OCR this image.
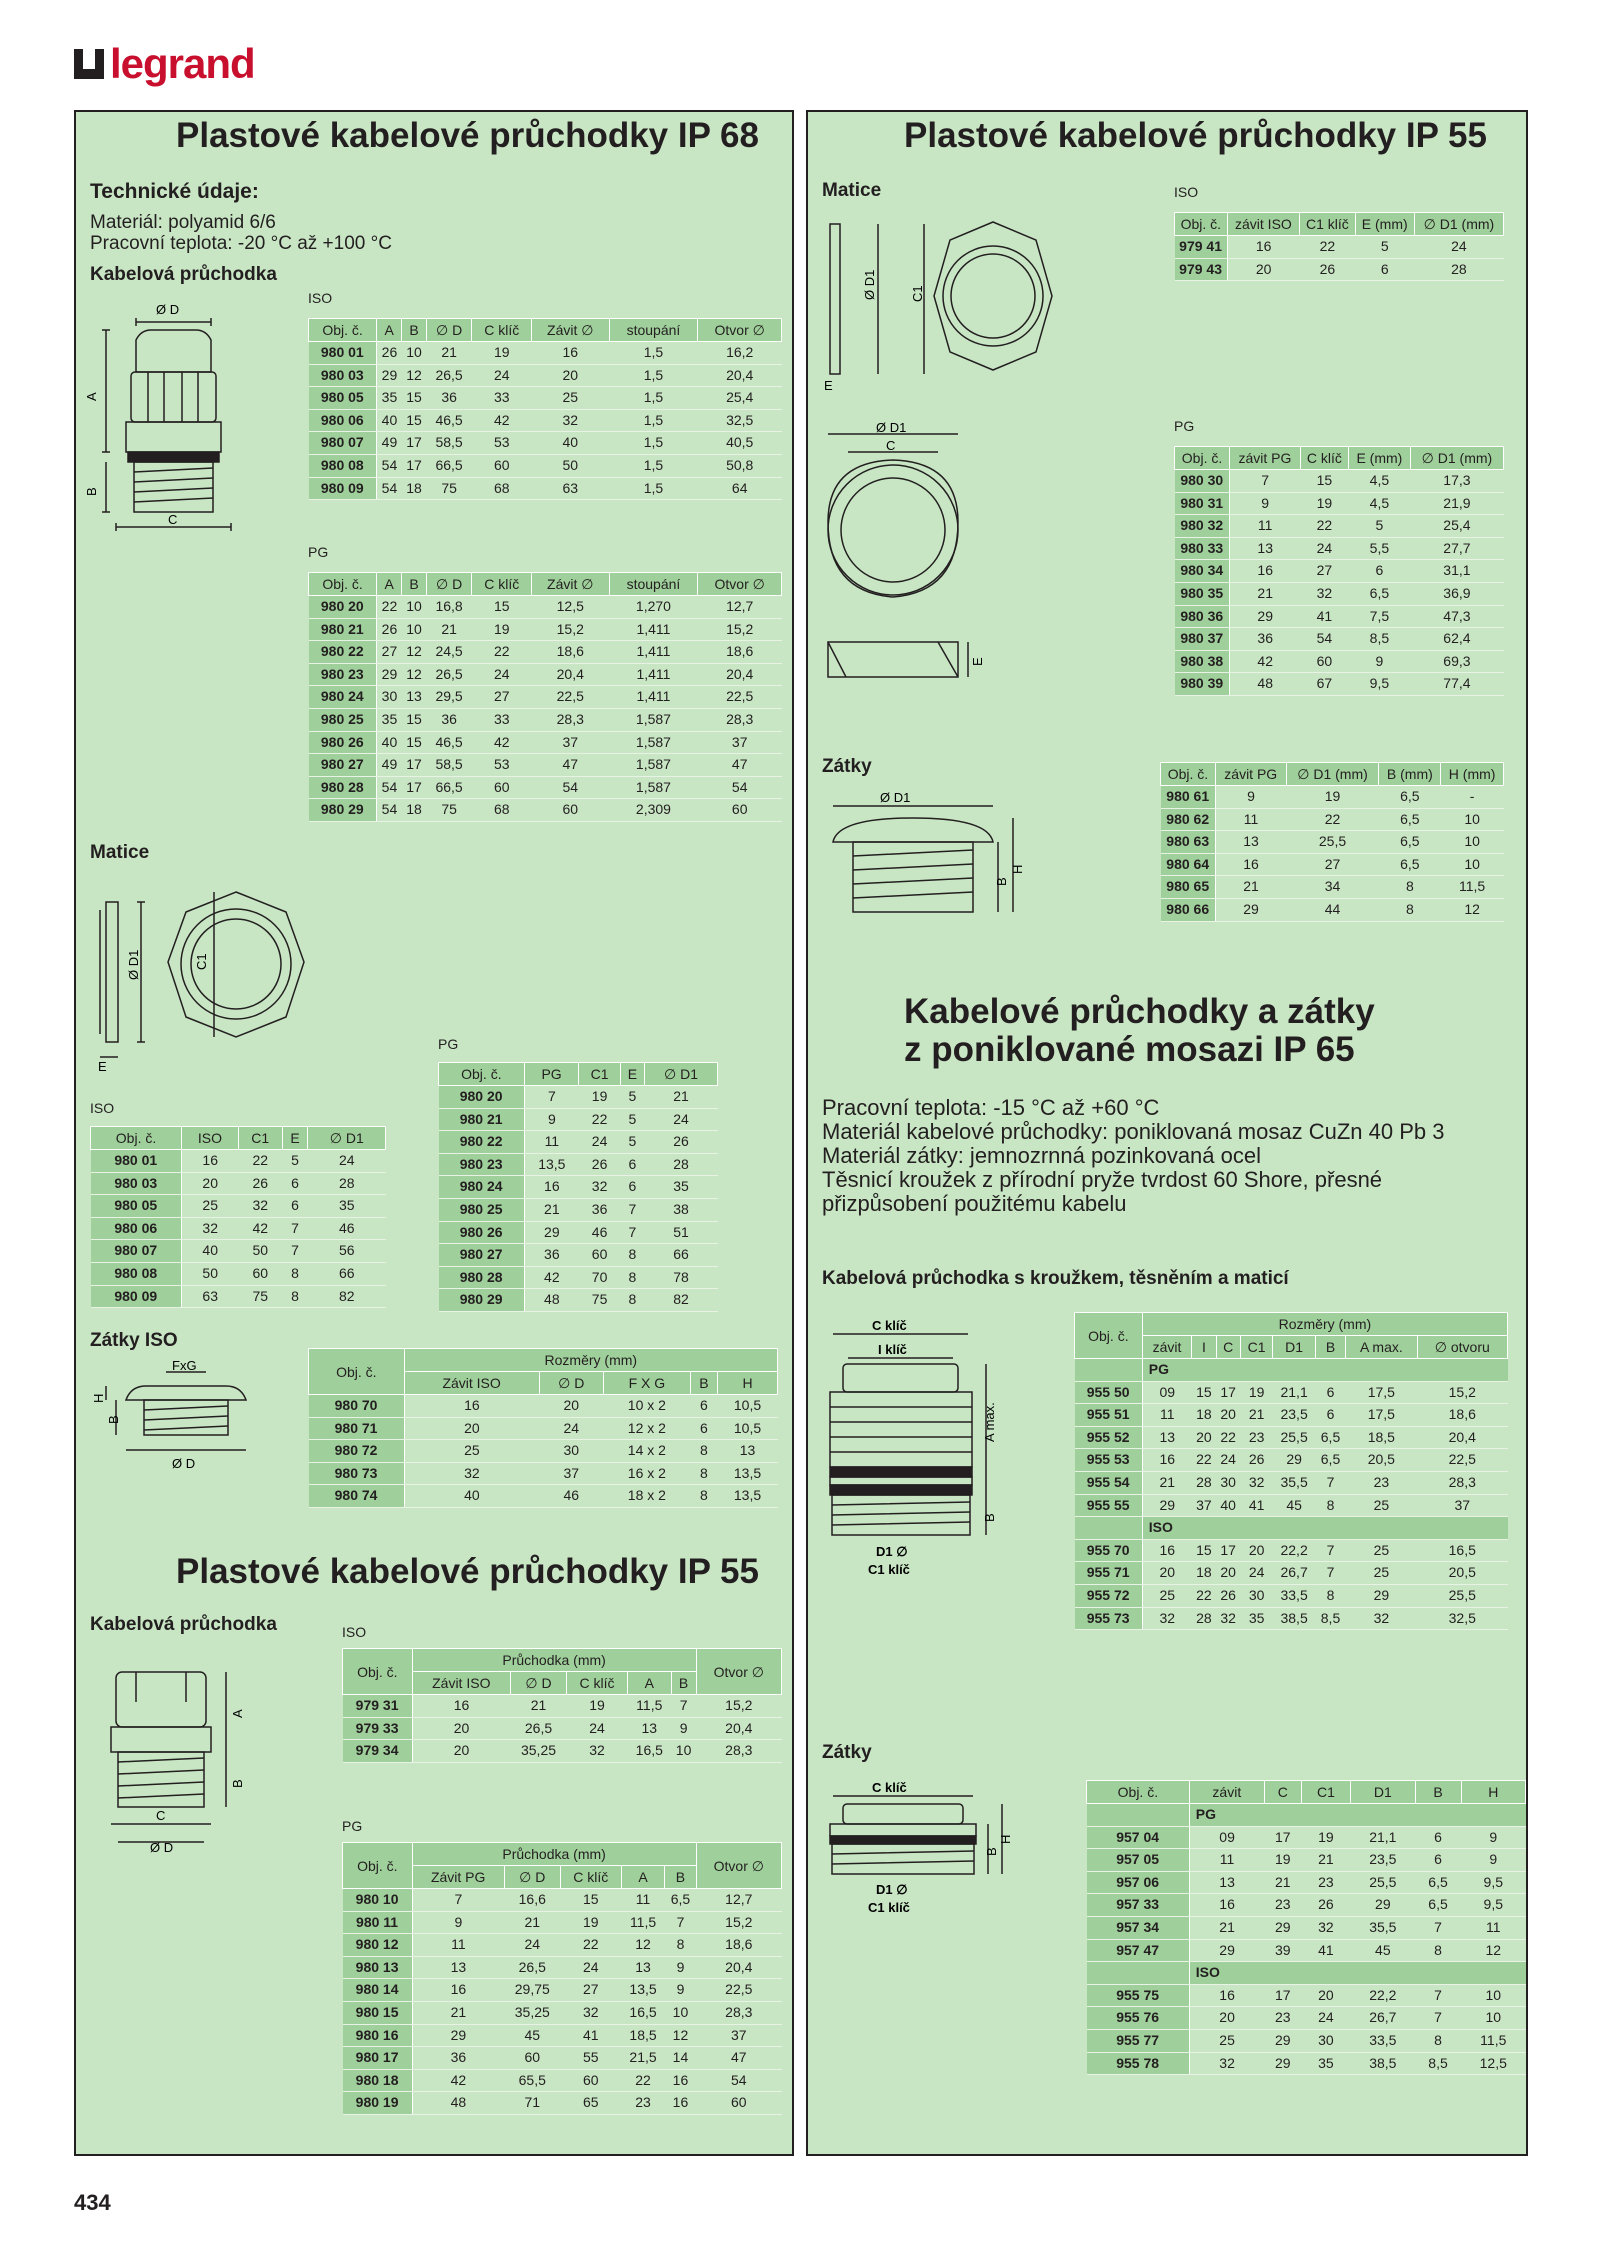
legrand
Plastové kabelové průchodky IP 68
Technické údaje:
Materiál: polyamid 6/6
Pracovní teplota: -20 °C až +100 °C
Kabelová průchodka
Ø D
A
B
C
ISO
Obj. č.	A	B	∅ D	C klíč	Závit ∅	stoupání	Otvor ∅
980 01	26	10	21	19	16	1,5	16,2
980 03	29	12	26,5	24	20	1,5	20,4
980 05	35	15	36	33	25	1,5	25,4
980 06	40	15	46,5	42	32	1,5	32,5
980 07	49	17	58,5	53	40	1,5	40,5
980 08	54	17	66,5	60	50	1,5	50,8
980 09	54	18	75	68	63	1,5	64
PG
Obj. č.	A	B	∅ D	C klíč	Závit ∅	stoupání	Otvor ∅
980 20	22	10	16,8	15	12,5	1,270	12,7
980 21	26	10	21	19	15,2	1,411	15,2
980 22	27	12	24,5	22	18,6	1,411	18,6
980 23	29	12	26,5	24	20,4	1,411	20,4
980 24	30	13	29,5	27	22,5	1,411	22,5
980 25	35	15	36	33	28,3	1,587	28,3
980 26	40	15	46,5	42	37	1,587	37
980 27	49	17	58,5	53	47	1,587	47
980 28	54	17	66,5	60	54	1,587	54
980 29	54	18	75	68	60	2,309	60
Matice
Ø D1	C1
E
PG
Obj. č.	PG	C1	E	∅ D1
980 20	7	19	5	21
980 21	9	22	5	24
980 22	11	24	5	26
980 23	13,5	26	6	28
980 24	16	32	6	35
980 25	21	36	7	38
980 26	29	46	7	51
980 27	36	60	8	66
980 28	42	70	8	78
980 29	48	75	8	82
ISO
Obj. č.	ISO	C1	E	∅ D1
980 01	16	22	5	24
980 03	20	26	6	28
980 05	25	32	6	35
980 06	32	42	7	46
980 07	40	50	7	56
980 08	50	60	8	66
980 09	63	75	8	82
Zátky ISO
FxG
H
B
Ø D
Obj. č.	Rozměry (mm)				
	Závit ISO	∅ D	F X G	B	H
980 70	16	20	10 x 2	6	10,5
980 71	20	24	12 x 2	6	10,5
980 72	25	30	14 x 2	8	13
980 73	32	37	16 x 2	8	13,5
980 74	40	46	18 x 2	8	13,5
Plastové kabelové průchodky IP 55
Kabelová průchodka
A
B
C
Ø D
ISO
Obj. č.	Průchodka (mm)					Otvor ∅
	Závit ISO	∅ D	C klíč	A	B	
979 31	16	21	19	11,5	7	15,2
979 33	20	26,5	24	13	9	20,4
979 34	20	35,25	32	16,5	10	28,3
PG
Obj. č.	Průchodka (mm)					Otvor ∅
	Závit PG	∅ D	C klíč	A	B	
980 10	7	16,6	15	11	6,5	12,7
980 11	9	21	19	11,5	7	15,2
980 12	11	24	22	12	8	18,6
980 13	13	26,5	24	13	9	20,4
980 14	16	29,75	27	13,5	9	22,5
980 15	21	35,25	32	16,5	10	28,3
980 16	29	45	41	18,5	12	37
980 17	36	60	55	21,5	14	47
980 18	42	65,5	60	22	16	54
980 19	48	71	65	23	16	60
Plastové kabelové průchodky IP 55
Matice
Ø D1	C1
E
ISO
Obj. č.	závit ISO	C1 klíč	E (mm)	∅ D1 (mm)
979 41	16	22	5	24
979 43	20	26	6	28
Ø D1
C
E
PG
Obj. č.	závit PG	C klíč	E (mm)	∅ D1 (mm)
980 30	7	15	4,5	17,3
980 31	9	19	4,5	21,9
980 32	11	22	5	25,4
980 33	13	24	5,5	27,7
980 34	16	27	6	31,1
980 35	21	32	6,5	36,9
980 36	29	41	7,5	47,3
980 37	36	54	8,5	62,4
980 38	42	60	9	69,3
980 39	48	67	9,5	77,4
Zátky
Ø D1
B
H
Obj. č.	závit PG	∅ D1 (mm)	B (mm)	H (mm)
980 61	9	19	6,5	-
980 62	11	22	6,5	10
980 63	13	25,5	6,5	10
980 64	16	27	6,5	10
980 65	21	34	8	11,5
980 66	29	44	8	12
Kabelové průchodky a zátky
z poniklované mosazi IP 65
Pracovní teplota: -15 °C až +60 °C
Materiál kabelové průchodky: poniklovaná mosaz CuZn 40 Pb 3
Materiál zátky: jemnozrnná pozinkovaná ocel
Těsnicí kroužek z přírodní pryže tvrdost 60 Shore, přesné
přizpůsobení použitému kabelu
Kabelová průchodka s kroužkem, těsněním a maticí
C klíč
I klíč
A max.
B
D1 ∅
C1 klíč
Obj. č.	Rozměry (mm)							
	závit	I	C	C1	D1	B	A max.	∅ otvoru
	PG							
955 50	09	15	17	19	21,1	6	17,5	15,2
955 51	11	18	20	21	23,5	6	17,5	18,6
955 52	13	20	22	23	25,5	6,5	18,5	20,4
955 53	16	22	24	26	29	6,5	20,5	22,5
955 54	21	28	30	32	35,5	7	23	28,3
955 55	29	37	40	41	45	8	25	37
	ISO							
955 70	16	15	17	20	22,2	7	25	16,5
955 71	20	18	20	24	26,7	7	25	20,5
955 72	25	22	26	30	33,5	8	29	25,5
955 73	32	28	32	35	38,5	8,5	32	32,5
Zátky
C klíč
B
H
D1 ∅
C1 klíč
Obj. č.	závit	C	C1	D1	B	H
	PG					
957 04	09	17	19	21,1	6	9
957 05	11	19	21	23,5	6	9
957 06	13	21	23	25,5	6,5	9,5
957 33	16	23	26	29	6,5	9,5
957 34	21	29	32	35,5	7	11
957 47	29	39	41	45	8	12
	ISO					
955 75	16	17	20	22,2	7	10
955 76	20	23	24	26,7	7	10
955 77	25	29	30	33,5	8	11,5
955 78	32	29	35	38,5	8,5	12,5
434
